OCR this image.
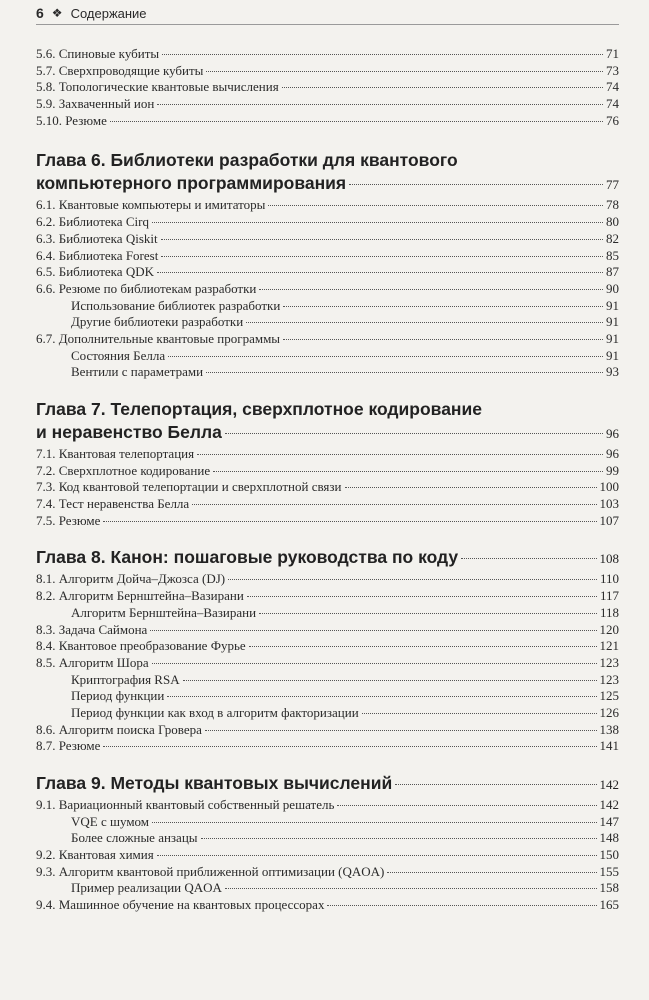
6 ❖ Содержание
5.6. Спиновые кубиты	71
5.7. Сверхпроводящие кубиты	73
5.8. Топологические квантовые вычисления	74
5.9. Захваченный ион	74
5.10. Резюме	76
Глава 6. Библиотеки разработки для квантового
компьютерного программирования	77
6.1. Квантовые компьютеры и имитаторы	78
6.2. Библиотека Cirq	80
6.3. Библиотека Qiskit	82
6.4. Библиотека Forest	85
6.5. Библиотека QDK	87
6.6. Резюме по библиотекам разработки	90
Использование библиотек разработки	91
Другие библиотеки разработки	91
6.7. Дополнительные квантовые программы	91
Состояния Белла	91
Вентили с параметрами	93
Глава 7. Телепортация, сверхплотное кодирование
и неравенство Белла	96
7.1. Квантовая телепортация	96
7.2. Сверхплотное кодирование	99
7.3. Код квантовой телепортации и сверхплотной связи	100
7.4. Тест неравенства Белла	103
7.5. Резюме	107
Глава 8. Канон: пошаговые руководства по коду	108
8.1. Алгоритм Дойча–Джозса (DJ)	110
8.2. Алгоритм Бернштейна–Вазирани	117
Алгоритм Бернштейна–Вазирани	118
8.3. Задача Саймона	120
8.4. Квантовое преобразование Фурье	121
8.5. Алгоритм Шора	123
Криптография RSA	123
Период функции	125
Период функции как вход в алгоритм факторизации	126
8.6. Алгоритм поиска Гровера	138
8.7. Резюме	141
Глава 9. Методы квантовых вычислений	142
9.1. Вариационный квантовый собственный решатель	142
VQE с шумом	147
Более сложные анзацы	148
9.2. Квантовая химия	150
9.3. Алгоритм квантовой приближенной оптимизации (QAOA)	155
Пример реализации QAOA	158
9.4. Машинное обучение на квантовых процессорах	165
